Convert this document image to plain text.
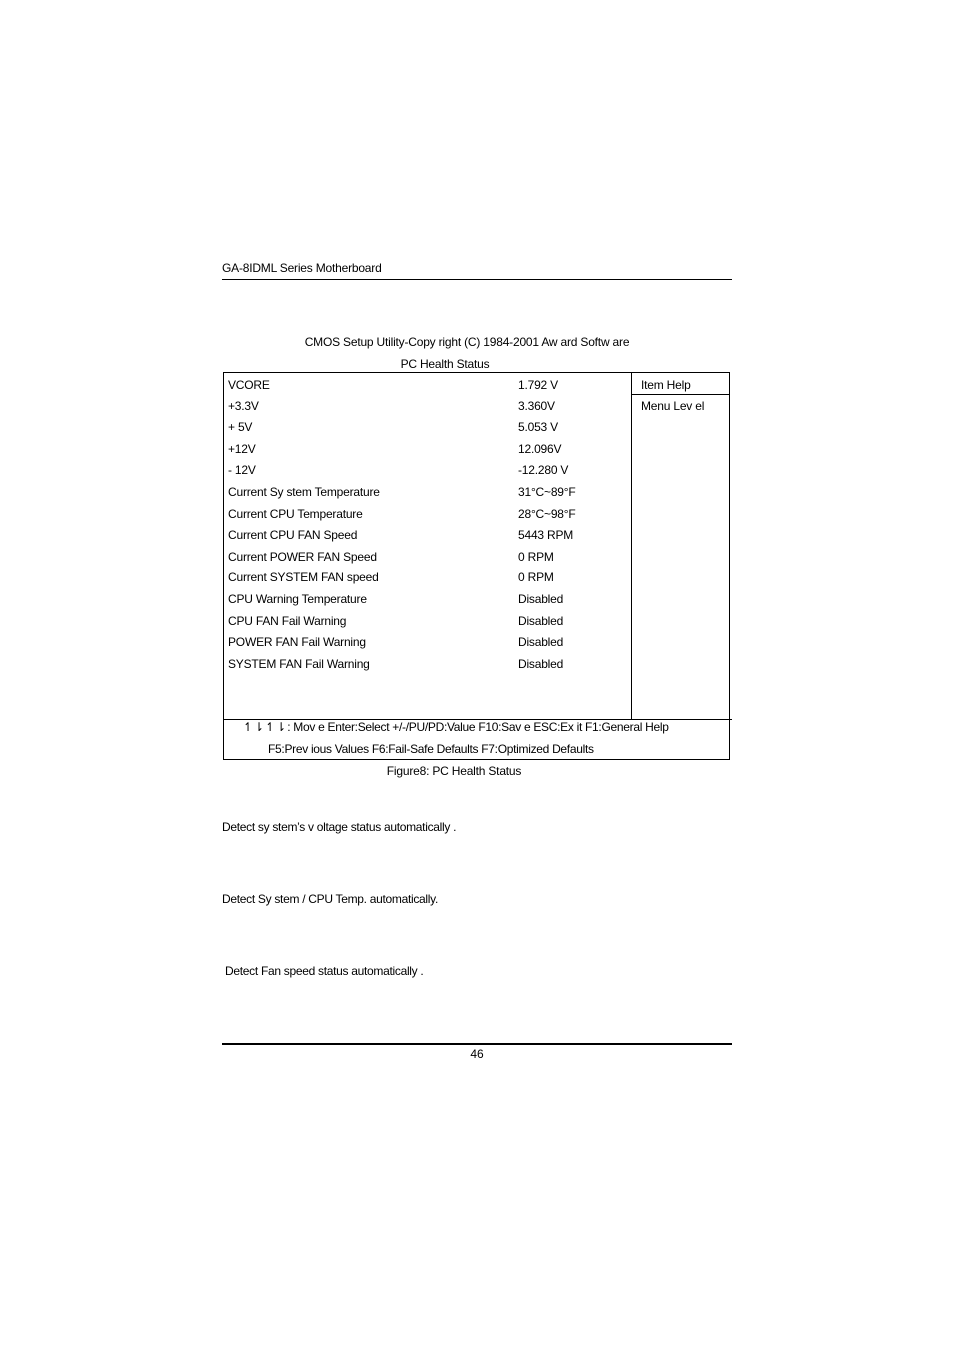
GA-8IDML Series Motherboard
CMOS Setup Utility-Copy right (C) 1984-2001 Aw ard Softw are
PC Health Status
VCORE	1.792 V
+3.3V	3.360V
+ 5V	5.053 V
+12V	12.096V
- 12V	-12.280 V
Current Sy stem Temperature	31°C~89°F
Current CPU Temperature	28°C~98°F
Current CPU FAN Speed	5443 RPM
Current POWER FAN Speed	0 RPM
Current SYSTEM FAN speed	0 RPM
CPU Warning Temperature	Disabled
CPU FAN Fail Warning	Disabled
POWER FAN Fail Warning	Disabled
SYSTEM FAN Fail Warning	Disabled
Item Help
Menu Lev el
↿⇂↿⇂: Mov e Enter:Select +/-/PU/PD:Value F10:Sav e ESC:Ex it F1:General Help
F5:Prev ious Values F6:Fail-Safe Defaults F7:Optimized Defaults
Figure8: PC Health Status
Detect sy stem’s v oltage status automatically .
Detect Sy stem / CPU Temp. automatically.
Detect Fan speed status automatically .
46
